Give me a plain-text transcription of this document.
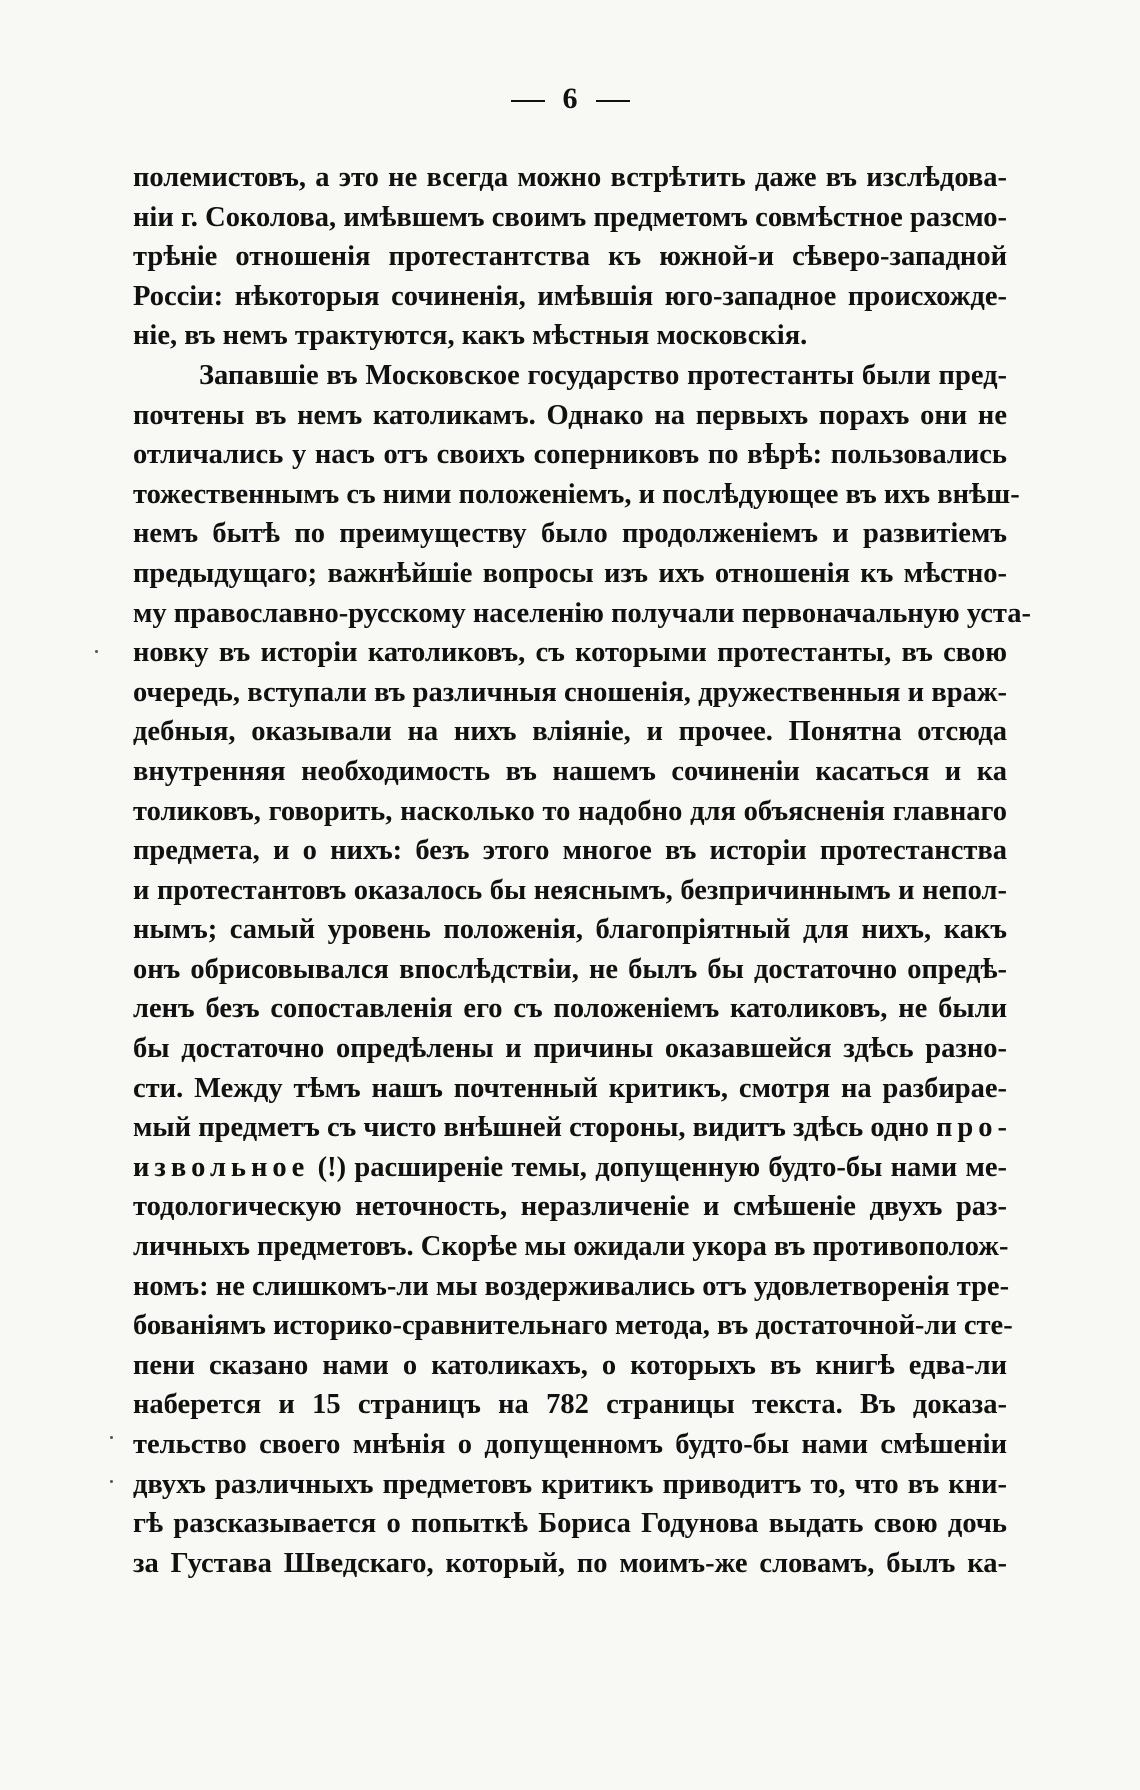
6
полемистовъ, а это не всегда можно встрѣтить даже въ изслѣдова-
ніи г. Соколова, имѣвшемъ своимъ предметомъ совмѣстное разсмо-
трѣніе отношенія протестантства къ южной-и сѣверо-западной
Россіи: нѣкоторыя сочиненія, имѣвшія юго-западное происхожде-
ніе, въ немъ трактуются, какъ мѣстныя московскія.
Запавшіе въ Московское государство протестанты были пред-
почтены въ немъ католикамъ. Однако на первыхъ порахъ они не
отличались у насъ отъ своихъ соперниковъ по вѣрѣ: пользовались
тожественнымъ съ ними положеніемъ, и послѣдующее въ ихъ внѣш-
немъ бытѣ по преимуществу было продолженіемъ и развитіемъ
предыдущаго; важнѣйшіе вопросы изъ ихъ отношенія къ мѣстно-
му православно-русскому населенію получали первоначальную уста-
новку въ исторіи католиковъ, съ которыми протестанты, въ свою
очередь, вступали въ различныя сношенія, дружественныя и враж-
дебныя, оказывали на нихъ вліяніе, и прочее. Понятна отсюда
внутренняя необходимость въ нашемъ сочиненіи касаться и ка
толиковъ, говорить, насколько то надобно для объясненія главнаго
предмета, и о нихъ: безъ этого многое въ исторіи протестанства
и протестантовъ оказалось бы неяснымъ, безпричиннымъ и непол-
нымъ; самый уровень положенія, благопріятный для нихъ, какъ
онъ обрисовывался впослѣдствіи, не былъ бы достаточно опредѣ-
ленъ безъ сопоставленія его съ положеніемъ католиковъ, не были
бы достаточно опредѣлены и причины оказавшейся здѣсь разно-
сти. Между тѣмъ нашъ почтенный критикъ, смотря на разбирае-
мый предметъ съ чисто внѣшней стороны, видитъ здѣсь одно про-
извольное (!) расширеніе темы, допущенную будто-бы нами ме-
тодологическую неточность, неразличеніе и смѣшеніе двухъ раз-
личныхъ предметовъ. Скорѣе мы ожидали укора въ противополож-
номъ: не слишкомъ-ли мы воздерживались отъ удовлетворенія тре-
бованіямъ историко-сравнительнаго метода, въ достаточной-ли сте-
пени сказано нами о католикахъ, о которыхъ въ книгѣ едва-ли
наберется и 15 страницъ на 782 страницы текста. Въ доказа-
тельство своего мнѣнія о допущенномъ будто-бы нами смѣшеніи
двухъ различныхъ предметовъ критикъ приводитъ то, что въ кни-
гѣ разсказывается о попыткѣ Бориса Годунова выдать свою дочь
за Густава Шведскаго, который, по моимъ-же словамъ, былъ ка-
